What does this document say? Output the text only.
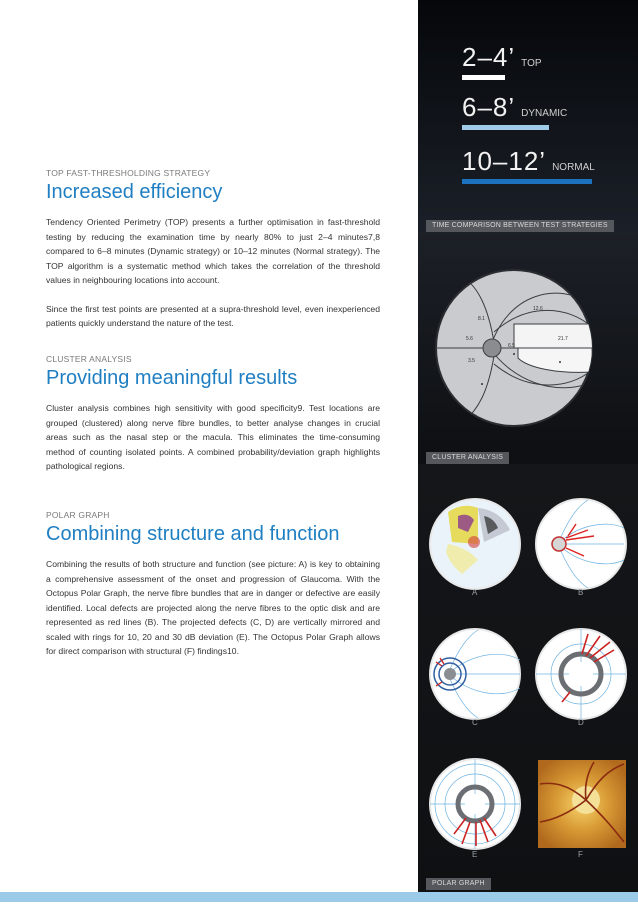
TOP FAST-THRESHOLDING STRATEGY
Increased efficiency

Tendency Oriented Perimetry (TOP) presents a further optimisation in fast-threshold testing by reducing the examination time by nearly 80% to just 2–4 minutes7,8 compared to 6–8 minutes (Dynamic strategy) or 10–12 minutes (Normal strategy). The TOP algorithm is a systematic method which takes the correlation of the threshold values in neighbouring locations into account.

Since the first test points are presented at a supra-threshold level, even inexperienced patients quickly understand the nature of the test.

CLUSTER ANALYSIS
Providing meaningful results

Cluster analysis combines high sensitivity with good specificity9. Test locations are grouped (clustered) along nerve fibre bundles, to better analyse changes in crucial areas such as the nasal step or the macula. This eliminates the time-consuming method of counting isolated points. A combined probability/deviation graph highlights pathological regions.

POLAR GRAPH
Combining structure and function

Combining the results of both structure and function (see picture: A) is key to obtaining a comprehensive assessment of the onset and progression of Glaucoma. With the Octopus Polar Graph, the nerve fibre bundles that are in danger or defective are easily identified. Local defects are projected along the nerve fibres to the optic disk and are represented as red lines (B). The projected defects (C, D) are vertically mirrored and scaled with rings for 10, 20 and 30 dB deviation (E). The Octopus Polar Graph allows for direct comparison with structural (F) findings10.

2–4’ TOP
6–8’ DYNAMIC
10–12’ NORMAL
TIME COMPARISON BETWEEN TEST STRATEGIES
12.6
8.1
5.6
6.5
21.7
3.5
CLUSTER ANALYSIS
A	B
C	D
E	F
POLAR GRAPH
